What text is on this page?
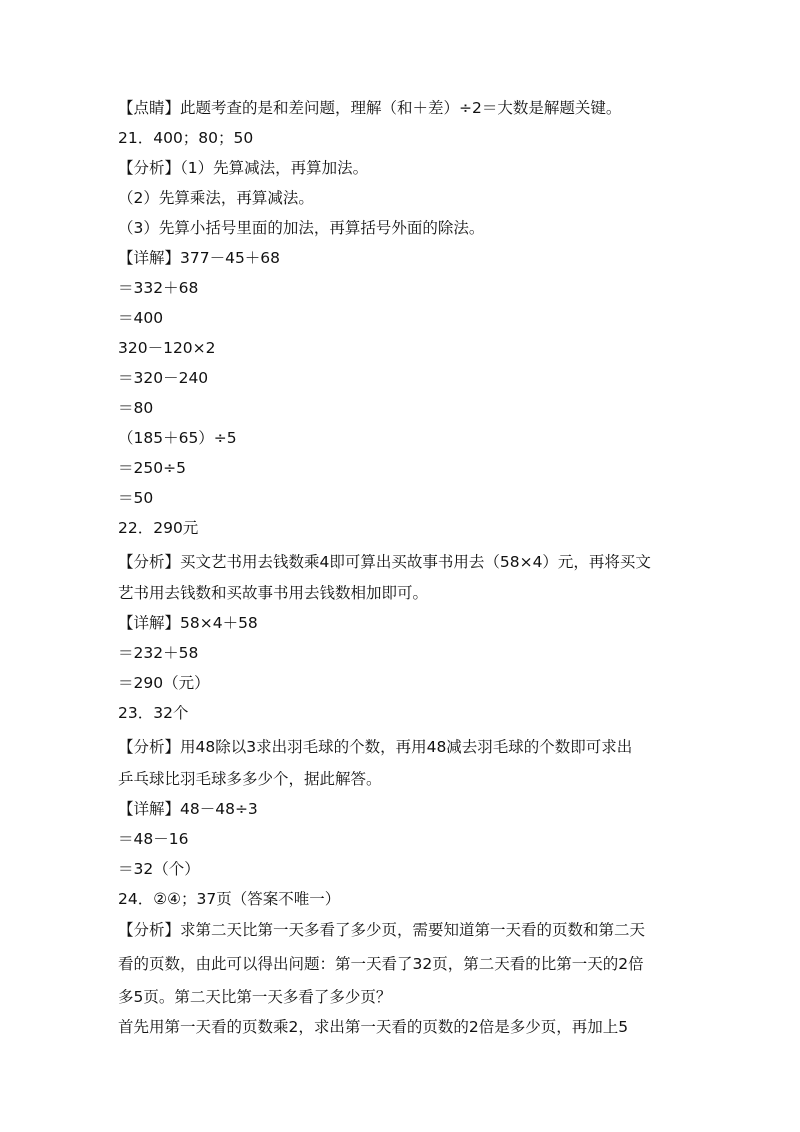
【点睛】此题考查的是和差问题，理解（和＋差）÷2＝大数是解题关键。

21．400；80；50

【分析】（1）先算减法，再算加法。

（2）先算乘法，再算减法。

（3）先算小括号里面的加法，再算括号外面的除法。

【详解】377－45＋68

＝332＋68

＝400

320－120×2

＝320－240

＝80

（185＋65）÷5

＝250÷5

＝50

22．290元

【分析】买文艺书用去钱数乘4即可算出买故事书用去（58×4）元，再将买文

艺书用去钱数和买故事书用去钱数相加即可。

【详解】58×4＋58

＝232＋58

＝290（元）

23．32个

【分析】用48除以3求出羽毛球的个数，再用48减去羽毛球的个数即可求出

乒乓球比羽毛球多多少个，据此解答。

【详解】48－48÷3

＝48－16

＝32（个）

24．②④；37页（答案不唯一）

【分析】求第二天比第一天多看了多少页，需要知道第一天看的页数和第二天

看的页数，由此可以得出问题：第一天看了32页，第二天看的比第一天的2倍

多5页。第二天比第一天多看了多少页？

首先用第一天看的页数乘2，求出第一天看的页数的2倍是多少页，再加上5
